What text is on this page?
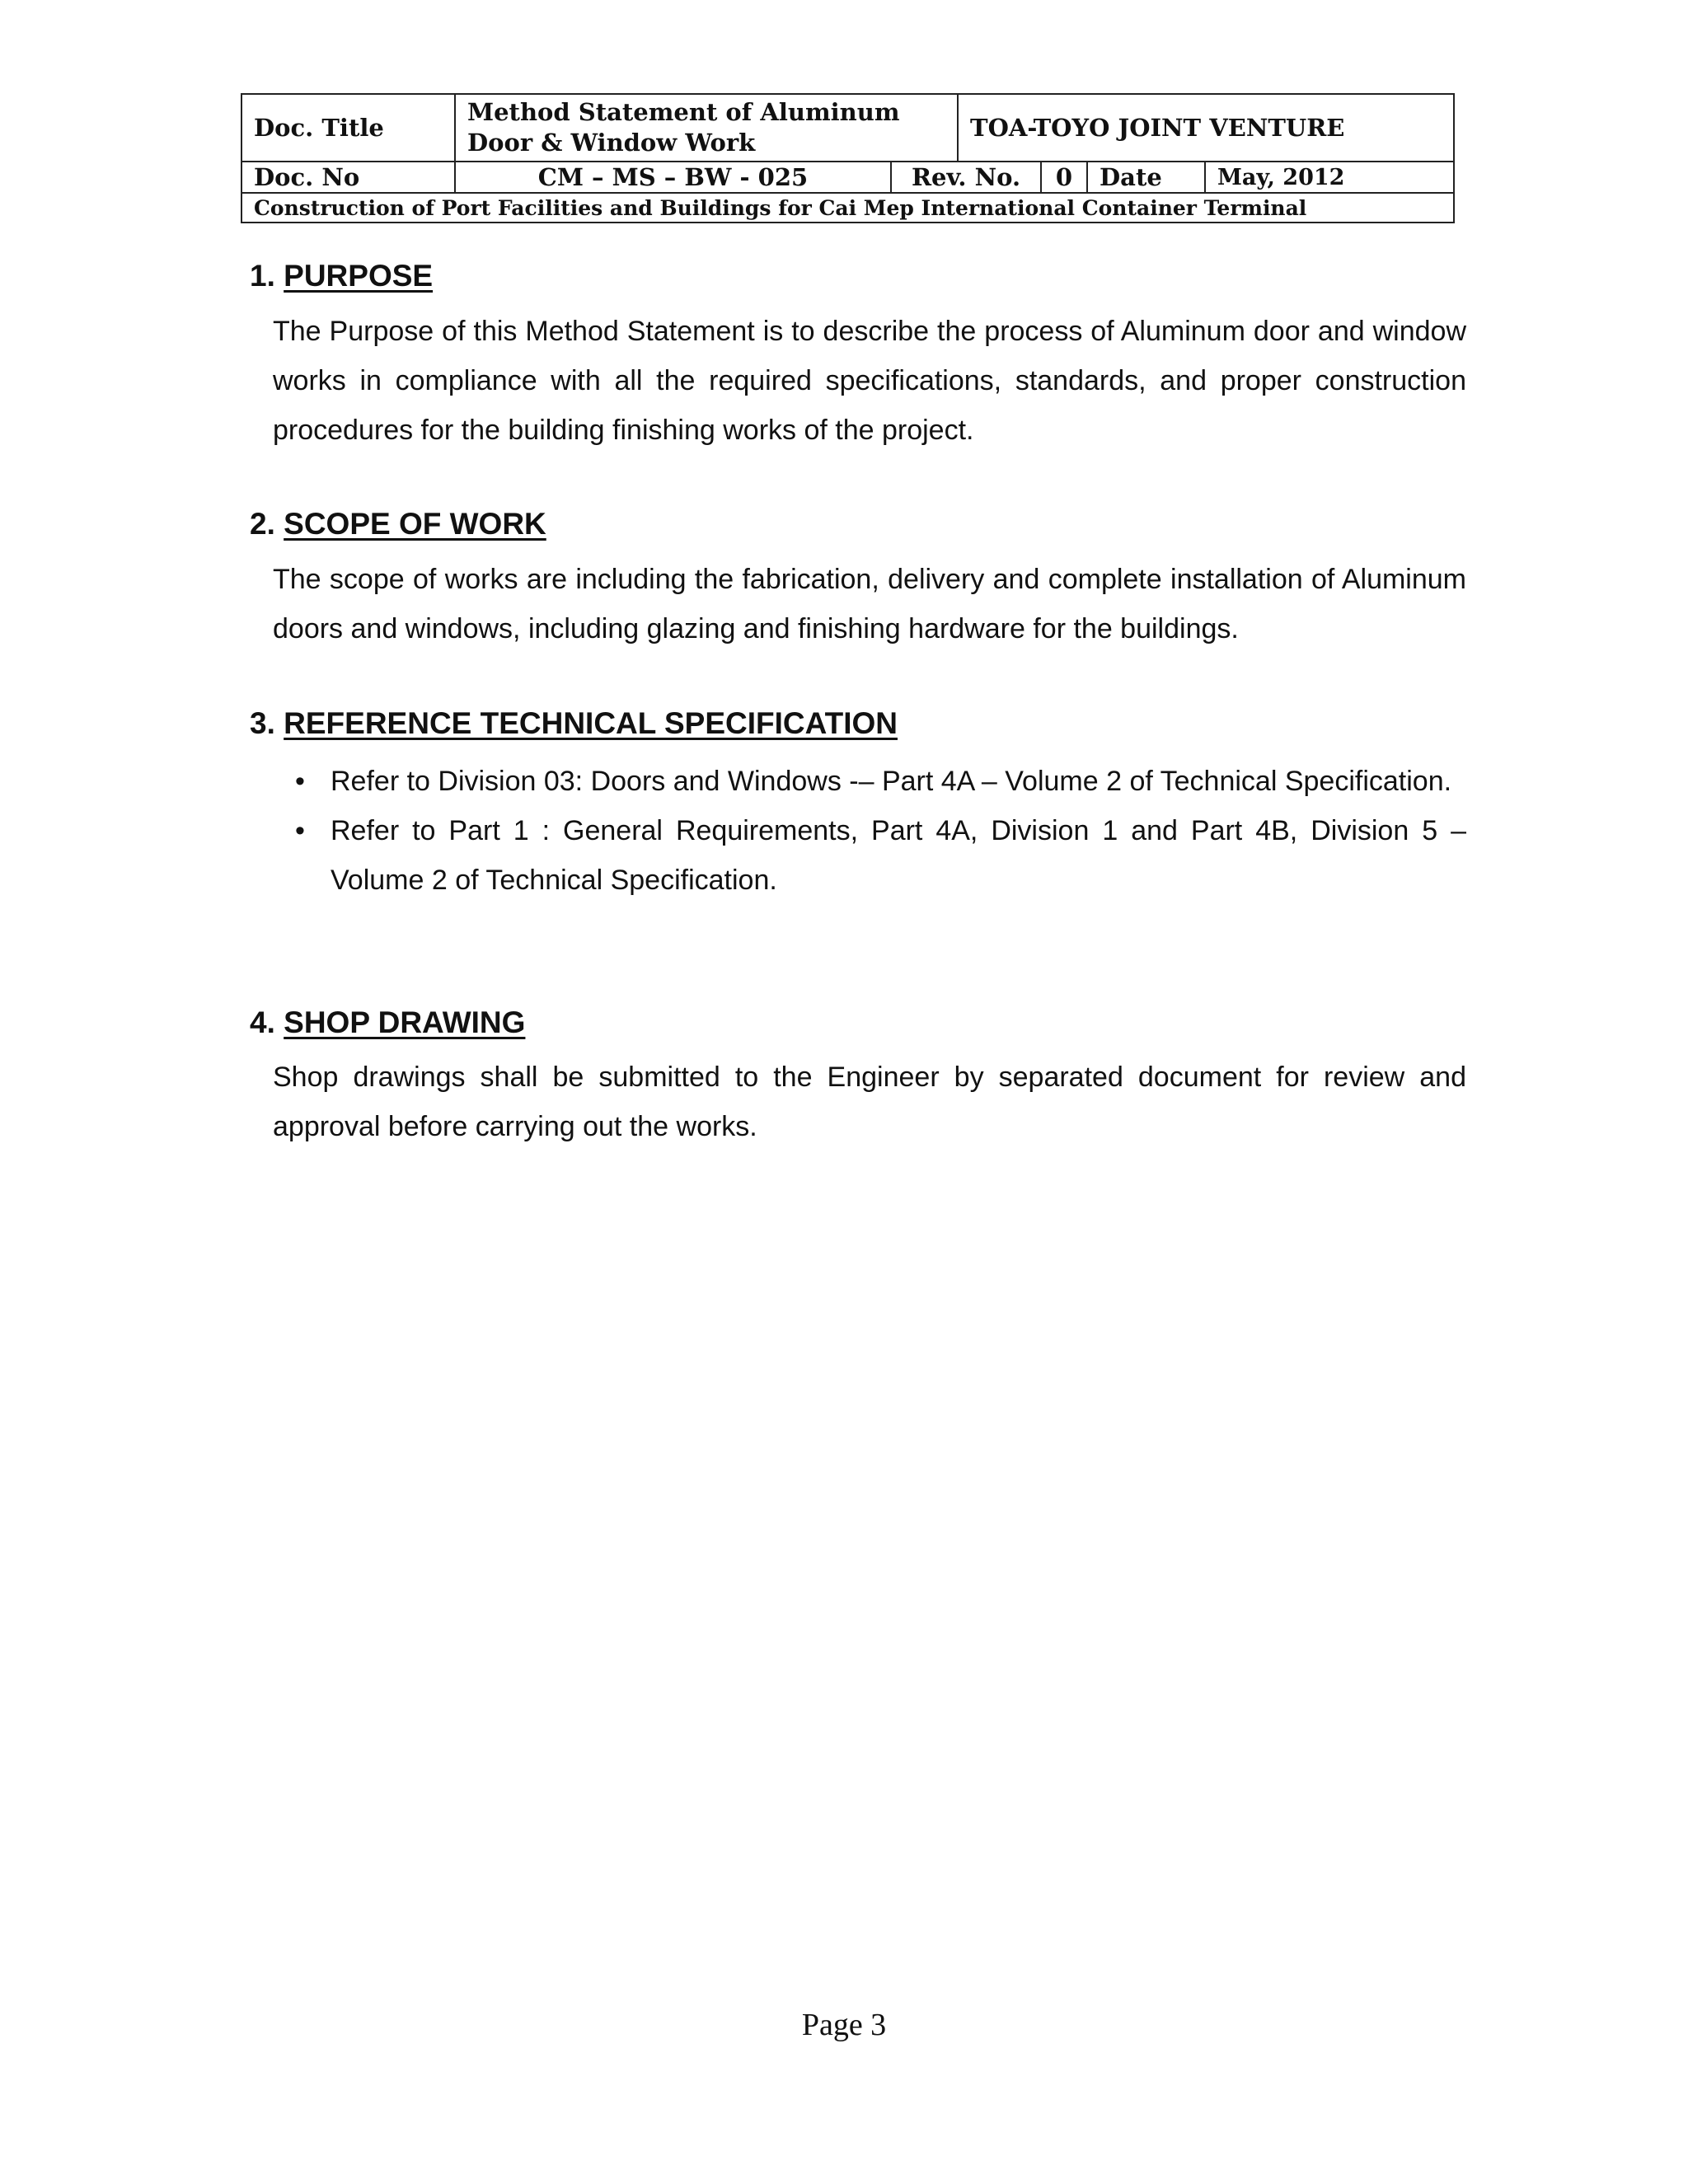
Doc. Title	Method Statement of Aluminum Door & Window Work		TOA-TOYO JOINT VENTURE			
Doc. No	CM – MS – BW - 025	Rev. No.		0	Date	May, 2012
Construction of Port Facilities and Buildings for Cai Mep International Container Terminal						
1. PURPOSE

The Purpose of this Method Statement is to describe the process of Aluminum door and window works in compliance with all the required specifications, standards, and proper construction procedures for the building finishing works of the project.

2. SCOPE OF WORK

The scope of works are including the fabrication, delivery and complete installation of Aluminum doors and windows, including glazing and finishing hardware for the buildings.

3. REFERENCE TECHNICAL SPECIFICATION
• Refer to Division 03: Doors and Windows -– Part 4A – Volume 2 of Technical Specification.
• Refer to Part 1 : General Requirements, Part 4A, Division 1 and Part 4B, Division 5 – Volume 2 of Technical Specification.
4. SHOP DRAWING

Shop drawings shall be submitted to the Engineer by separated document for review and approval before carrying out the works.

Page 3
